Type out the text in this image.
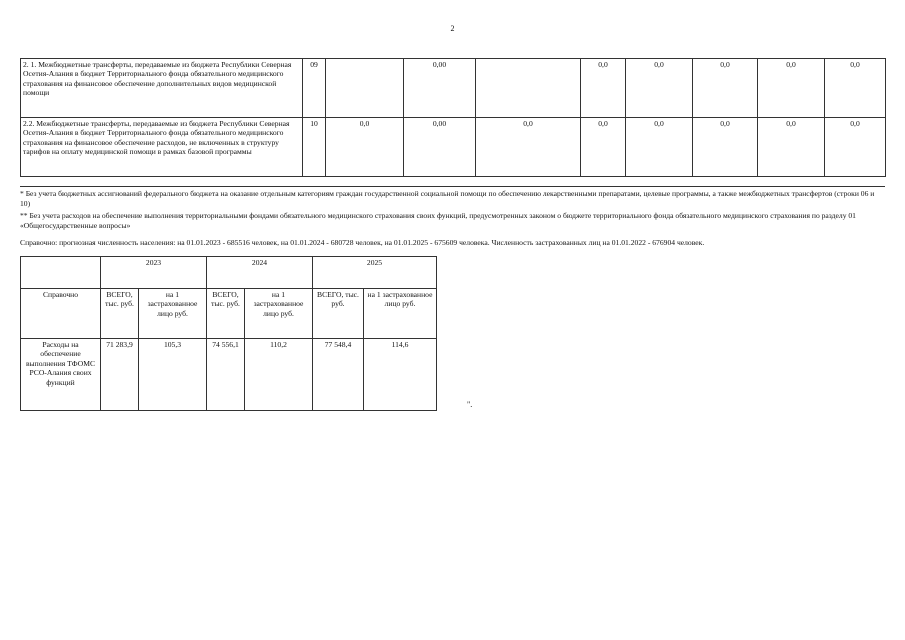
2
2. 1. Межбюджетные трансферты, передаваемые из бюджета Республики Северная Осетия-Алания в бюджет Территориального фонда обязательного медицинского страхования на финансовое обеспечение дополнительных видов медицинской помощи	09		0,00		0,0	0,0	0,0	0,0	0,0
2.2. Межбюджетные трансферты, передаваемые из бюджета Республики Северная Осетия-Алания в бюджет Территориального фонда обязательного медицинского страхования на финансовое обеспечение расходов, не включенных в структуру тарифов на оплату медицинской помощи в рамках базовой программы	10	0,0	0,00	0,0	0,0	0,0	0,0	0,0	0,0

* Без учета бюджетных ассигнований федерального бюджета на оказание отдельным категориям граждан государственной социальной помощи по обеспечению лекарственными препаратами, целевые программы, а также межбюджетных трансфертов (строки 06 и 10)

** Без учета расходов на обеспечение выполнения территориальными фондами обязательного медицинского страхования своих функций, предусмотренных законом о бюджете территориального фонда обязательного медицинского страхования по разделу 01 «Общегосударственные вопросы»

Справочно: прогнозная численность населения: на 01.01.2023 - 685516 человек, на 01.01.2024 - 680728 человек, на 01.01.2025 - 675609 человека. Численность застрахованных лиц на 01.01.2022 - 676904 человек.

	2023		2024		2025	
Справочно	ВСЕГО, тыс. руб.	на 1 застрахованное лицо руб.	ВСЕГО, тыс. руб.	на 1 застрахованное лицо руб.	ВСЕГО, тыс. руб.	на 1 застрахованное лицо руб.
Расходы на обеспечение выполнения ТФОМС РСО-Алания своих функций	71 283,9	105,3	74 556,1	110,2	77 548,4	114,6
".
